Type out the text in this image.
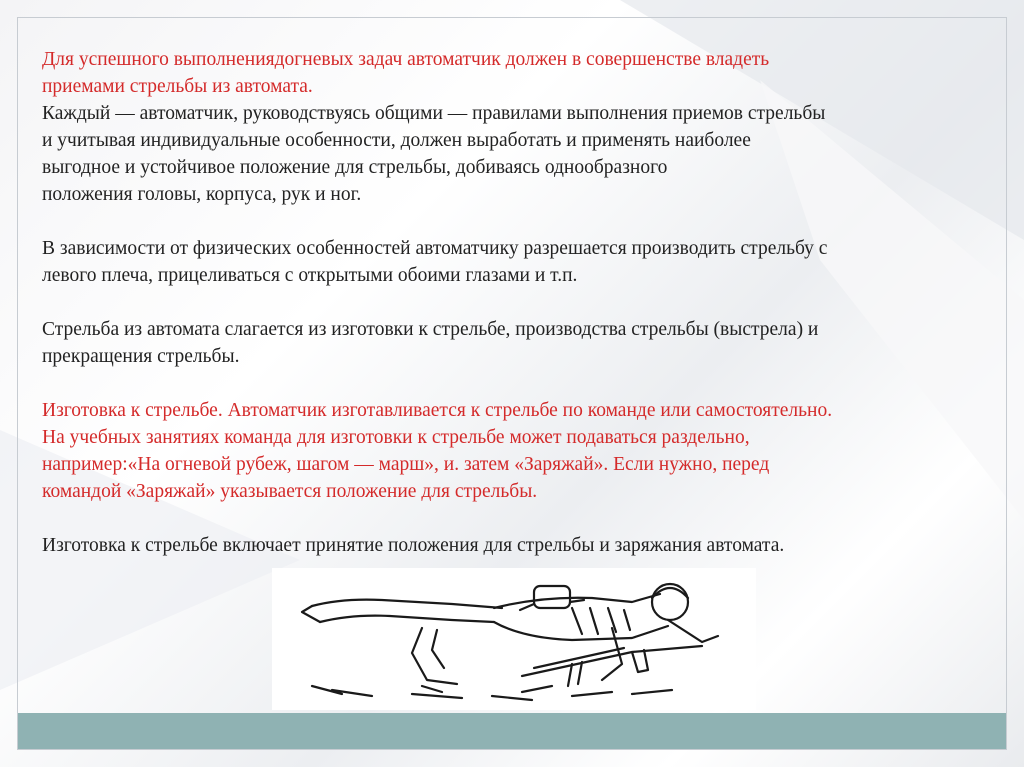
Для успешного выполнениядогневых задач автоматчик должен в совершенстве владеть

приемами стрельбы из автомата.

Каждый — автоматчик, руководствуясь общими — правилами выполнения приемов стрельбы

и учитывая индивидуальные особенности, должен выработать и применять наиболее

выгодное и устойчивое положение для стрельбы, добиваясь однообразного

положения головы, корпуса, рук и ног.

В зависимости от физических особенностей автоматчику разрешается производить стрельбу с

левого плеча, прицеливаться с открытыми обоими глазами и т.п.

Стрельба из автомата слагается из изготовки к стрельбе, производства стрельбы (выстрела) и

прекращения стрельбы.

Изготовка к стрельбе. Автоматчик изготавливается к стрельбе по команде или самостоятельно.

На учебных занятиях команда для изготовки к стрельбе может подаваться раздельно,

например:«На огневой рубеж, шагом — марш», и. затем «Заряжай». Если нужно, перед

командой «Заряжай» указывается положение для стрельбы.

Изготовка к стрельбе включает принятие положения для стрельбы и заряжания автомата.
